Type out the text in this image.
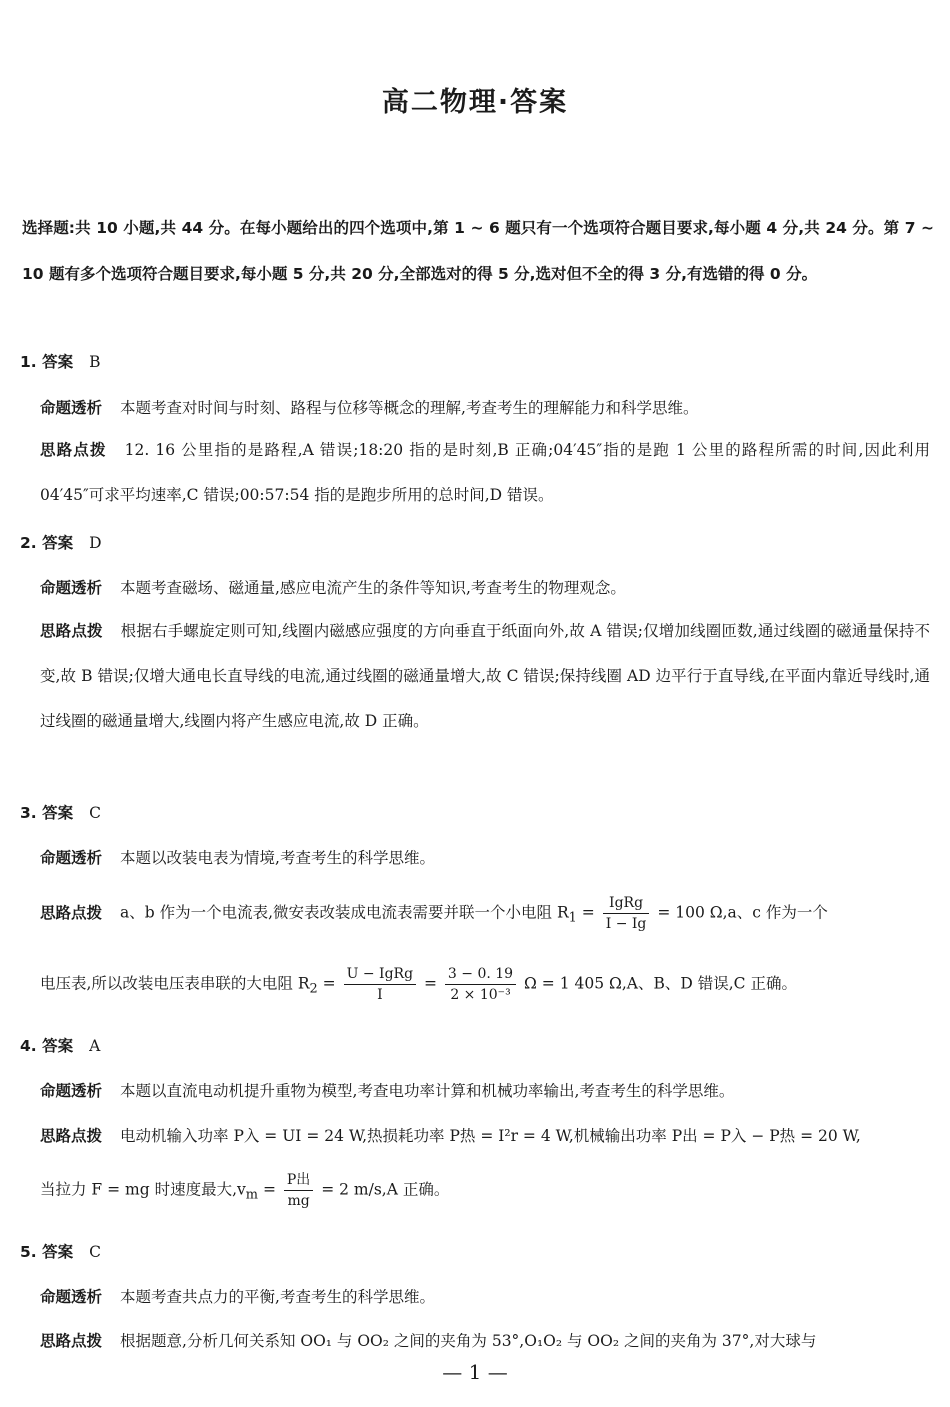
高二物理·答案
选择题:共 10 小题,共 44 分。在每小题给出的四个选项中,第 1 ~ 6 题只有一个选项符合题目要求,每小题 4 分,共 24 分。第 7 ~ 10 题有多个选项符合题目要求,每小题 5 分,共 20 分,全部选对的得 5 分,选对但不全的得 3 分,有选错的得 0 分。
1. 答案 B
命题透析 本题考查对时间与时刻、路程与位移等概念的理解,考查考生的理解能力和科学思维。
思路点拨 12. 16 公里指的是路程,A 错误;18:20 指的是时刻,B 正确;04′45″指的是跑 1 公里的路程所需的时间,因此利用 04′45″可求平均速率,C 错误;00:57:54 指的是跑步所用的总时间,D 错误。
2. 答案 D
命题透析 本题考查磁场、磁通量,感应电流产生的条件等知识,考查考生的物理观念。
思路点拨 根据右手螺旋定则可知,线圈内磁感应强度的方向垂直于纸面向外,故 A 错误;仅增加线圈匝数,通过线圈的磁通量保持不变,故 B 错误;仅增大通电长直导线的电流,通过线圈的磁通量增大,故 C 错误;保持线圈 AD 边平行于直导线,在平面内靠近导线时,通过线圈的磁通量增大,线圈内将产生感应电流,故 D 正确。
3. 答案 C
命题透析 本题以改装电表为情境,考查考生的科学思维。
思路点拨 a、b 作为一个电流表,微安表改装成电流表需要并联一个小电阻 $R_1 = \frac{\text{IgRg}}{I - Ig} = 100$ Ω,a、c 作为一个
电压表,所以改装电压表串联的大电阻 $R_2 = \frac{\text{U − IgRg}}{I} = \frac{3 - 0. 19}{\text{2 × 10⁻³}}$ Ω = 1 405 Ω,A、B、D 错误,C 正确。
4. 答案 A
命题透析 本题以直流电动机提升重物为模型,考查电功率计算和机械功率输出,考查考生的科学思维。
思路点拨 电动机输入功率 P入 = UI = 24 W,热损耗功率 P热 = I²r = 4 W,机械输出功率 P出 = P入 − P热 = 20 W,
当拉力 F = mg 时速度最大$,v_m = \frac{\text{P出}}{mg} = 2$ m/s,A 正确。
5. 答案 C
命题透析 本题考查共点力的平衡,考查考生的科学思维。
思路点拨 根据题意,分析几何关系知 OO₁ 与 OO₂ 之间的夹角为 53°,O₁O₂ 与 OO₂ 之间的夹角为 37°,对大球与
— 1 —
